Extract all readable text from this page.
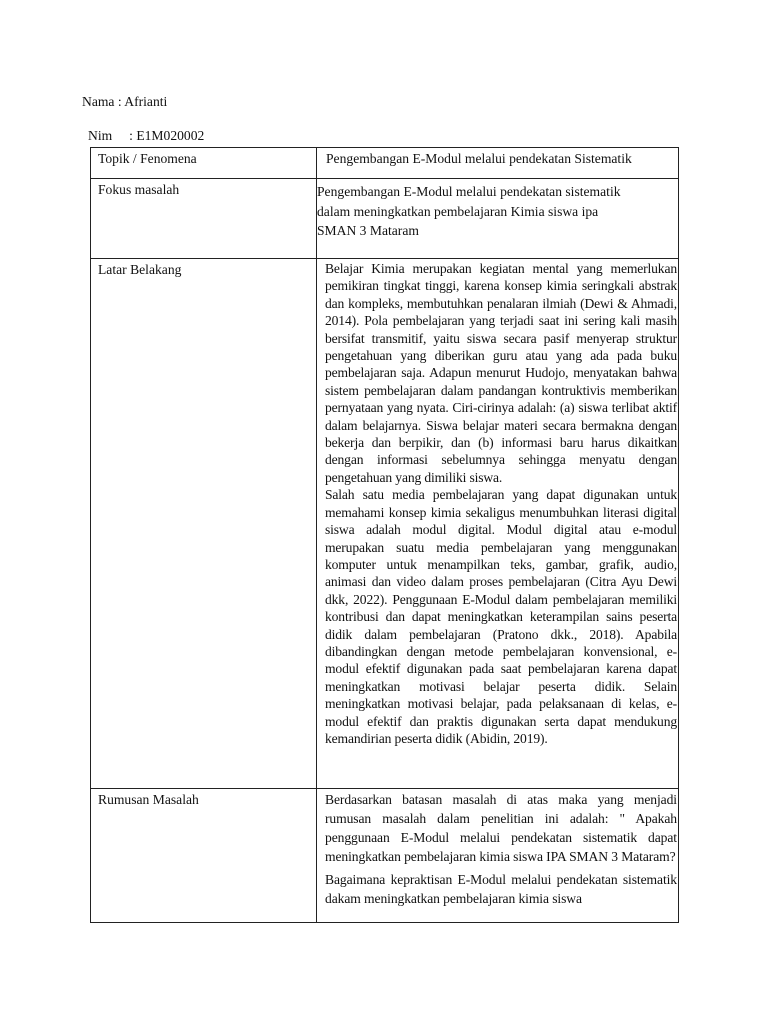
Nama : Afrianti
Nim     : E1M020002
Topik / Fenomena	Pengembangan E-Modul melalui pendekatan Sistematik

Fokus masalah	Pengembangan E-Modul melalui pendekatan sistematik
dalam meningkatkan pembelajaran Kimia siswa ipa
SMAN 3 Mataram

Latar Belakang	Belajar Kimia merupakan kegiatan mental yang memerlukan pemikiran tingkat tinggi, karena konsep kimia seringkali abstrak dan kompleks, membutuhkan penalaran ilmiah (Dewi & Ahmadi, 2014). Pola pembelajaran yang terjadi saat ini sering kali masih bersifat transmitif, yaitu siswa secara pasif menyerap struktur pengetahuan yang diberikan guru atau yang ada pada buku pembelajaran saja. Adapun menurut Hudojo, menyatakan bahwa sistem pembelajaran dalam pandangan kontruktivis memberikan pernyataan yang nyata. Ciri-cirinya adalah: (a) siswa terlibat aktif dalam belajarnya. Siswa belajar materi secara bermakna dengan bekerja dan berpikir, dan (b) informasi baru harus dikaitkan dengan informasi sebelumnya sehingga menyatu dengan pengetahuan yang dimiliki siswa.

Salah satu media pembelajaran yang dapat digunakan untuk memahami konsep kimia sekaligus menumbuhkan literasi digital siswa adalah modul digital. Modul digital atau e-modul merupakan suatu media pembelajaran yang menggunakan komputer untuk menampilkan teks, gambar, grafik, audio, animasi dan video dalam proses pembelajaran (Citra Ayu Dewi dkk, 2022). Penggunaan E-Modul dalam pembelajaran memiliki kontribusi dan dapat meningkatkan keterampilan sains peserta didik dalam pembelajaran (Pratono dkk., 2018). Apabila dibandingkan dengan metode pembelajaran konvensional, e-modul efektif digunakan pada saat pembelajaran karena dapat meningkatkan motivasi belajar peserta didik. Selain meningkatkan motivasi belajar, pada pelaksanaan di kelas, e-modul efektif dan praktis digunakan serta dapat mendukung kemandirian peserta didik (Abidin, 2019).

Rumusan Masalah	Berdasarkan batasan masalah di atas maka yang menjadi rumusan masalah dalam penelitian ini adalah: " Apakah penggunaan E-Modul melalui pendekatan sistematik dapat meningkatkan pembelajaran kimia siswa IPA SMAN 3 Mataram?

Bagaimana kepraktisan E-Modul melalui pendekatan sistematik dakam meningkatkan pembelajaran kimia siswa
